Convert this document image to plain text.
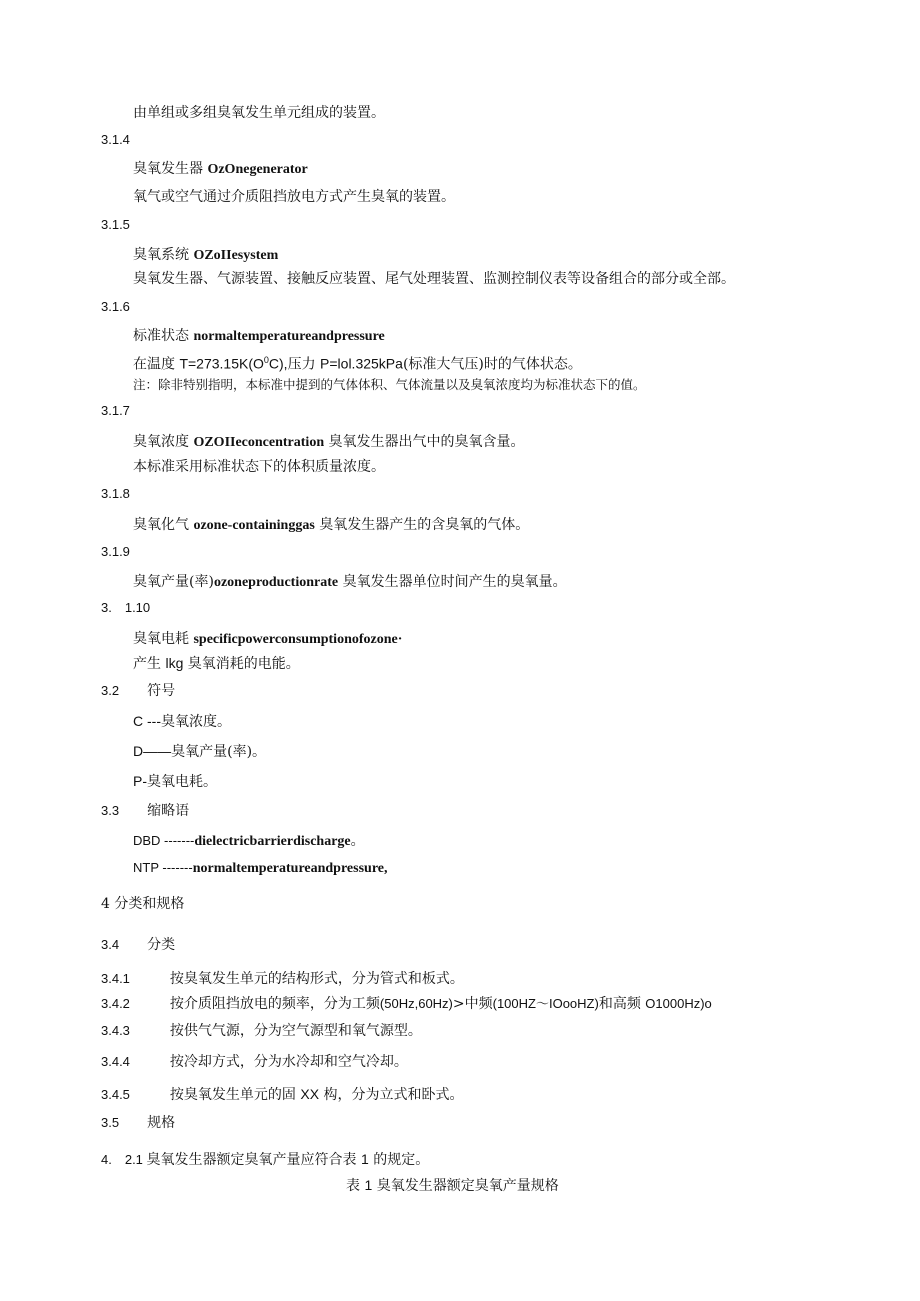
由单组或多组臭氧发生单元组成的装置。
3.1.4
臭氧发生器 OzOnegenerator
氧气或空气通过介质阻挡放电方式产生臭氧的装置。
3.1.5
臭氧系统 OZoIIesystem
臭氧发生器、气源装置、接触反应装置、尾气处理装置、监测控制仪表等设备组合的部分或全部。
3.1.6
标准状态 normaltemperatureandpressure
在温度 $T=273.15K(O^0C)$,压力 P=lol.325kPa(标准大气压)时的气体状态。
注：除非特别指明，本标准中提到的气体体积、气体流量以及臭氧浓度均为标准状态下的值。
3.1.7
臭氧浓度 OZOIIeconcentration 臭氧发生器出气中的臭氧含量。
本标准采用标准状态下的体积质量浓度。
3.1.8
臭氧化气 ozone-containinggas 臭氧发生器产生的含臭氧的气体。
3.1.9
臭氧产量(率)ozoneproductionrate 臭氧发生器单位时间产生的臭氧量。
3.　1.10
臭氧电耗 specificpowerconsumptionofozone·
产生 lkg 臭氧消耗的电能。
3.2 符号
C ---臭氧浓度。
D——臭氧产量(率)。
P-臭氧电耗。
3.3 缩略语
DBD -------dielectricbarrierdischarge。
NTP -------normaltemperatureandpressure,
4 分类和规格
3.4 分类
3.4.1	按臭氧发生单元的结构形式，分为管式和板式。
3.4.2	按介质阻挡放电的频率，分为工频(50Hz,60Hz)>中频(100HZ～IOooHZ)和高频 O1000Hz)o
3.4.3	按供气气源，分为空气源型和氧气源型。
3.4.4	按冷却方式，分为水冷却和空气冷却。
3.4.5	按臭氧发生单元的固 XX 构，分为立式和卧式。
3.5 规格
4.　2.1 臭氧发生器额定臭氧产量应符合表 1 的规定。
表 1 臭氧发生器额定臭氧产量规格
